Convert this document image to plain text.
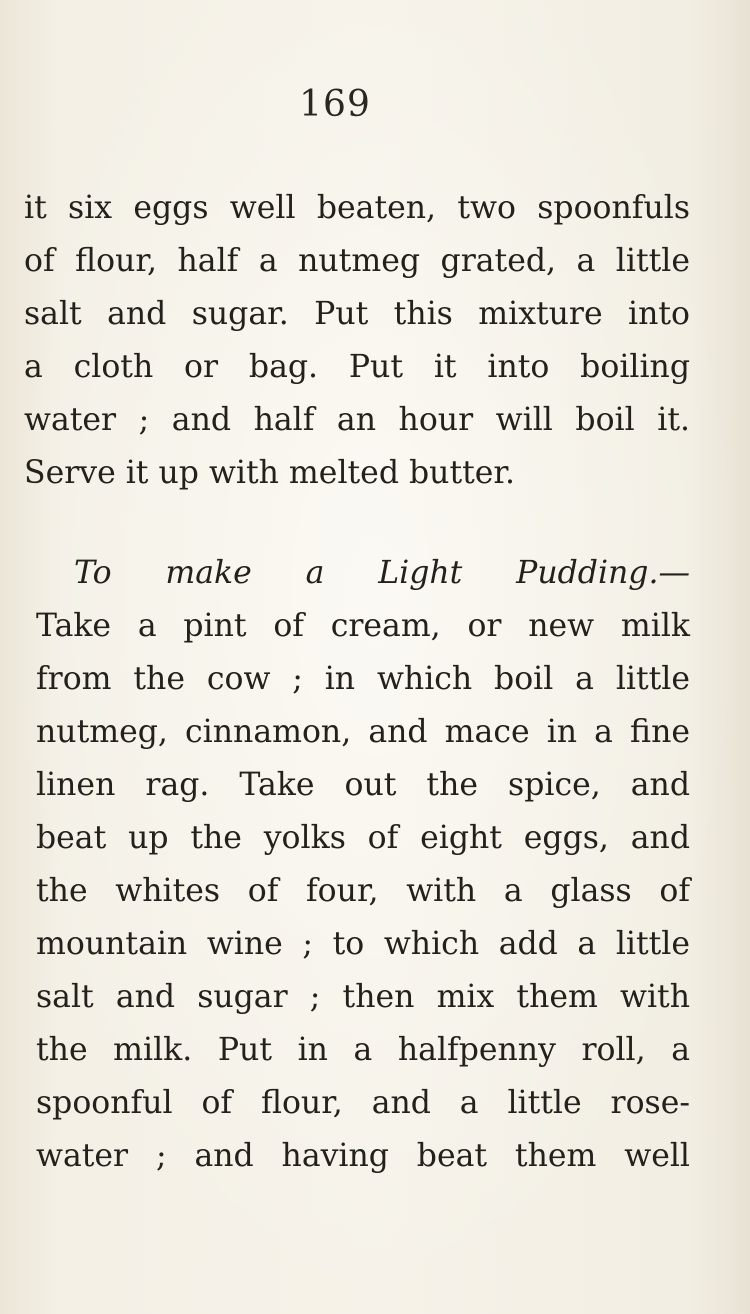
169
it six eggs well beaten, two spoonfuls
of flour, half a nutmeg grated, a little
salt and sugar. Put this mixture into
a cloth or bag. Put it into boiling
water ; and half an hour will boil it.
Serve it up with melted butter.
To make a Light Pudding.—
Take a pint of cream, or new milk
from the cow ; in which boil a little
nutmeg, cinnamon, and mace in a fine
linen rag. Take out the spice, and
beat up the yolks of eight eggs, and
the whites of four, with a glass of
mountain wine ; to which add a little
salt and sugar ; then mix them with
the milk. Put in a halfpenny roll, a
spoonful of flour, and a little rose-
water ; and having beat them well
